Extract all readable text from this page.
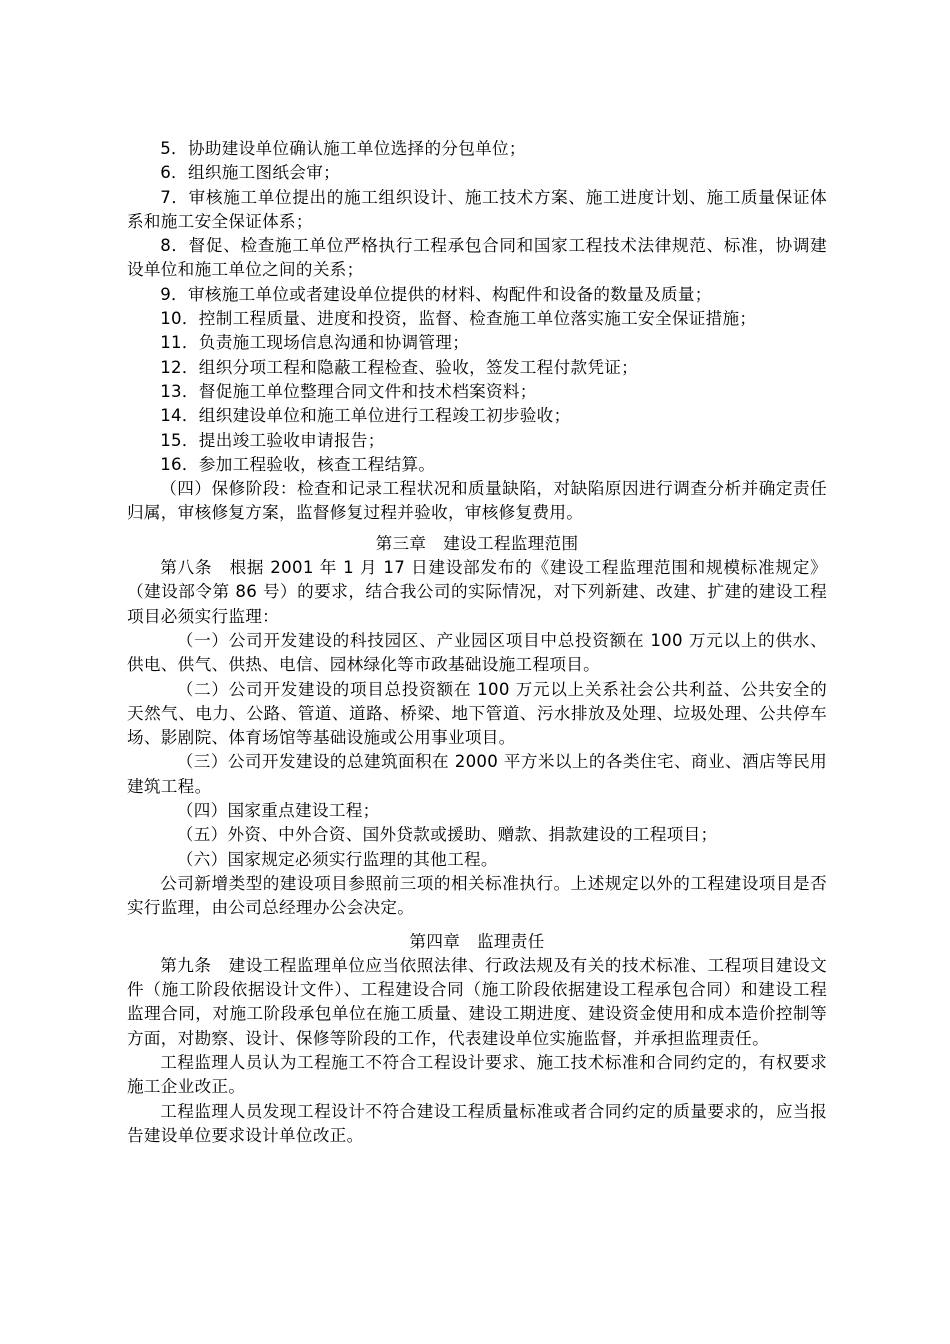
5．协助建设单位确认施工单位选择的分包单位；

6．组织施工图纸会审；

7．审核施工单位提出的施工组织设计、施工技术方案、施工进度计划、施工质量保证体系和施工安全保证体系；

8．督促、检查施工单位严格执行工程承包合同和国家工程技术法律规范、标准，协调建设单位和施工单位之间的关系；

9．审核施工单位或者建设单位提供的材料、构配件和设备的数量及质量；

10．控制工程质量、进度和投资，监督、检查施工单位落实施工安全保证措施；

11．负责施工现场信息沟通和协调管理；

12．组织分项工程和隐蔽工程检查、验收，签发工程付款凭证；

13．督促施工单位整理合同文件和技术档案资料；

14．组织建设单位和施工单位进行工程竣工初步验收；

15．提出竣工验收申请报告；

16．参加工程验收，核查工程结算。

（四）保修阶段：检查和记录工程状况和质量缺陷，对缺陷原因进行调查分析并确定责任归属，审核修复方案，监督修复过程并验收，审核修复费用。

第三章　建设工程监理范围

第八条　根据 2001 年 1 月 17 日建设部发布的《建设工程监理范围和规模标准规定》（建设部令第 86 号）的要求，结合我公司的实际情况，对下列新建、改建、扩建的建设工程项目必须实行监理：

（一）公司开发建设的科技园区、产业园区项目中总投资额在 100 万元以上的供水、供电、供气、供热、电信、园林绿化等市政基础设施工程项目。

（二）公司开发建设的项目总投资额在 100 万元以上关系社会公共利益、公共安全的天然气、电力、公路、管道、道路、桥梁、地下管道、污水排放及处理、垃圾处理、公共停车场、影剧院、体育场馆等基础设施或公用事业项目。

（三）公司开发建设的总建筑面积在 2000 平方米以上的各类住宅、商业、酒店等民用建筑工程。

（四）国家重点建设工程；

（五）外资、中外合资、国外贷款或援助、赠款、捐款建设的工程项目；

（六）国家规定必须实行监理的其他工程。

公司新增类型的建设项目参照前三项的相关标准执行。上述规定以外的工程建设项目是否实行监理，由公司总经理办公会决定。

第四章　监理责任

第九条　建设工程监理单位应当依照法律、行政法规及有关的技术标准、工程项目建设文件（施工阶段依据设计文件）、工程建设合同（施工阶段依据建设工程承包合同）和建设工程监理合同，对施工阶段承包单位在施工质量、建设工期进度、建设资金使用和成本造价控制等方面，对勘察、设计、保修等阶段的工作，代表建设单位实施监督，并承担监理责任。

工程监理人员认为工程施工不符合工程设计要求、施工技术标准和合同约定的，有权要求施工企业改正。

工程监理人员发现工程设计不符合建设工程质量标准或者合同约定的质量要求的，应当报告建设单位要求设计单位改正。
